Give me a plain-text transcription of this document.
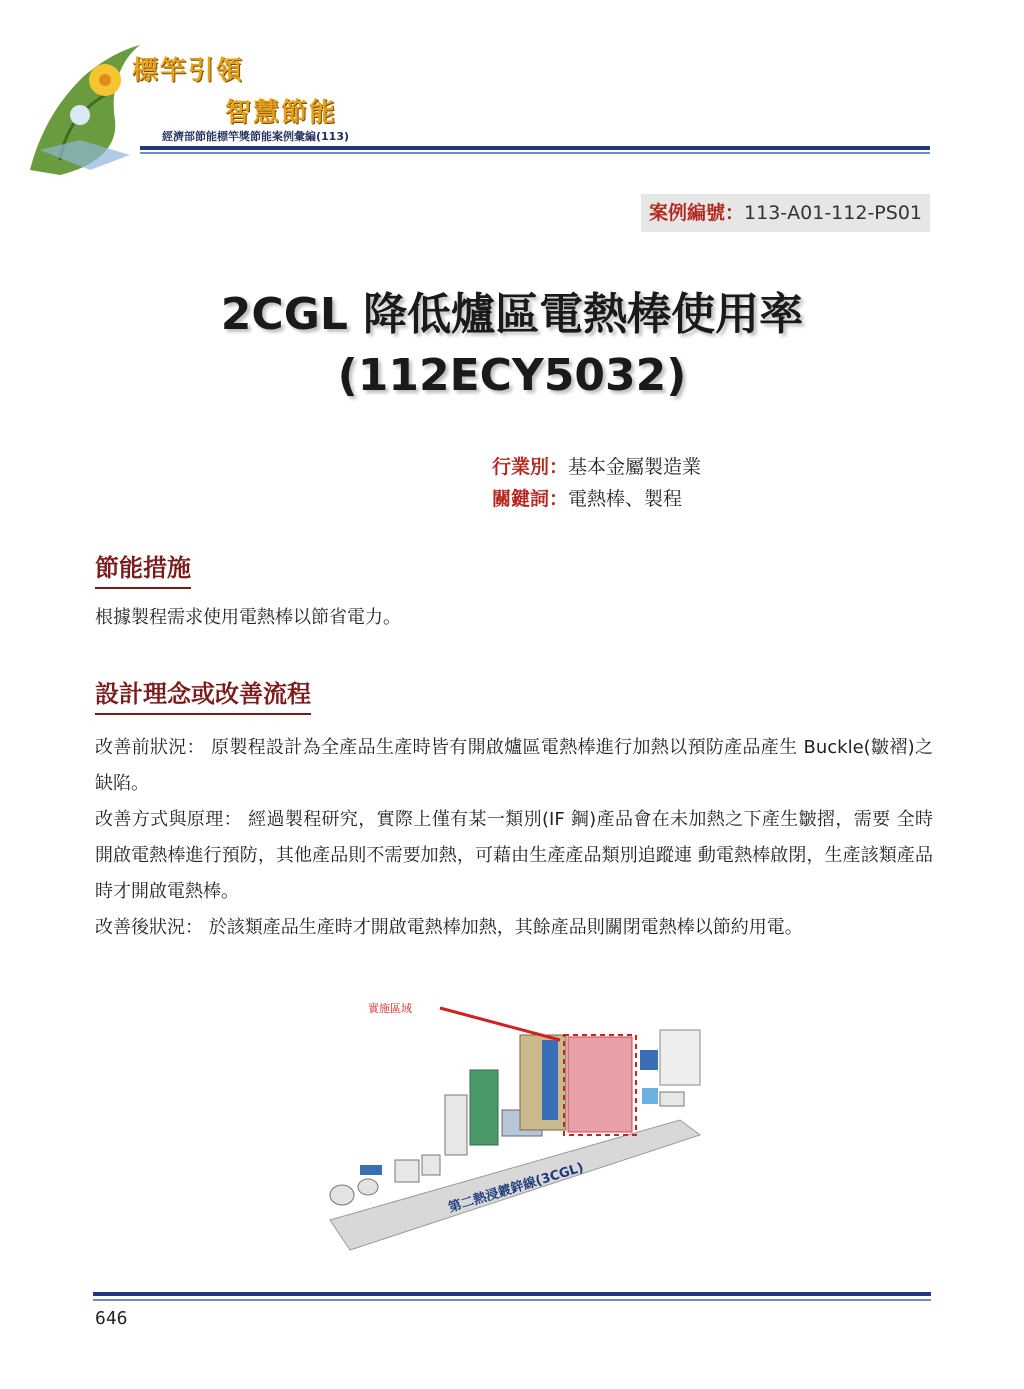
標竿引領
智慧節能
經濟部節能標竿獎節能案例彙編(113)
案例編號：113-A01-112-PS01
2CGL 降低爐區電熱棒使用率
(112ECY5032)
行業別：基本金屬製造業
關鍵詞：電熱棒、製程
節能措施
根據製程需求使用電熱棒以節省電力。
設計理念或改善流程
改善前狀況： 原製程設計為全產品生產時皆有開啟爐區電熱棒進行加熱以預防產品產生 Buckle(皺褶)之缺陷。
改善方式與原理： 經過製程研究，實際上僅有某一類別(IF 鋼)產品會在未加熱之下產生皺摺，需要 全時開啟電熱棒進行預防，其他產品則不需要加熱，可藉由生產產品類別追蹤連 動電熱棒啟閉，生產該類產品時才開啟電熱棒。
改善後狀況： 於該類產品生產時才開啟電熱棒加熱，其餘產品則關閉電熱棒以節約用電。
第二熱浸鍍鋅線(3CGL)
實施區域
646
